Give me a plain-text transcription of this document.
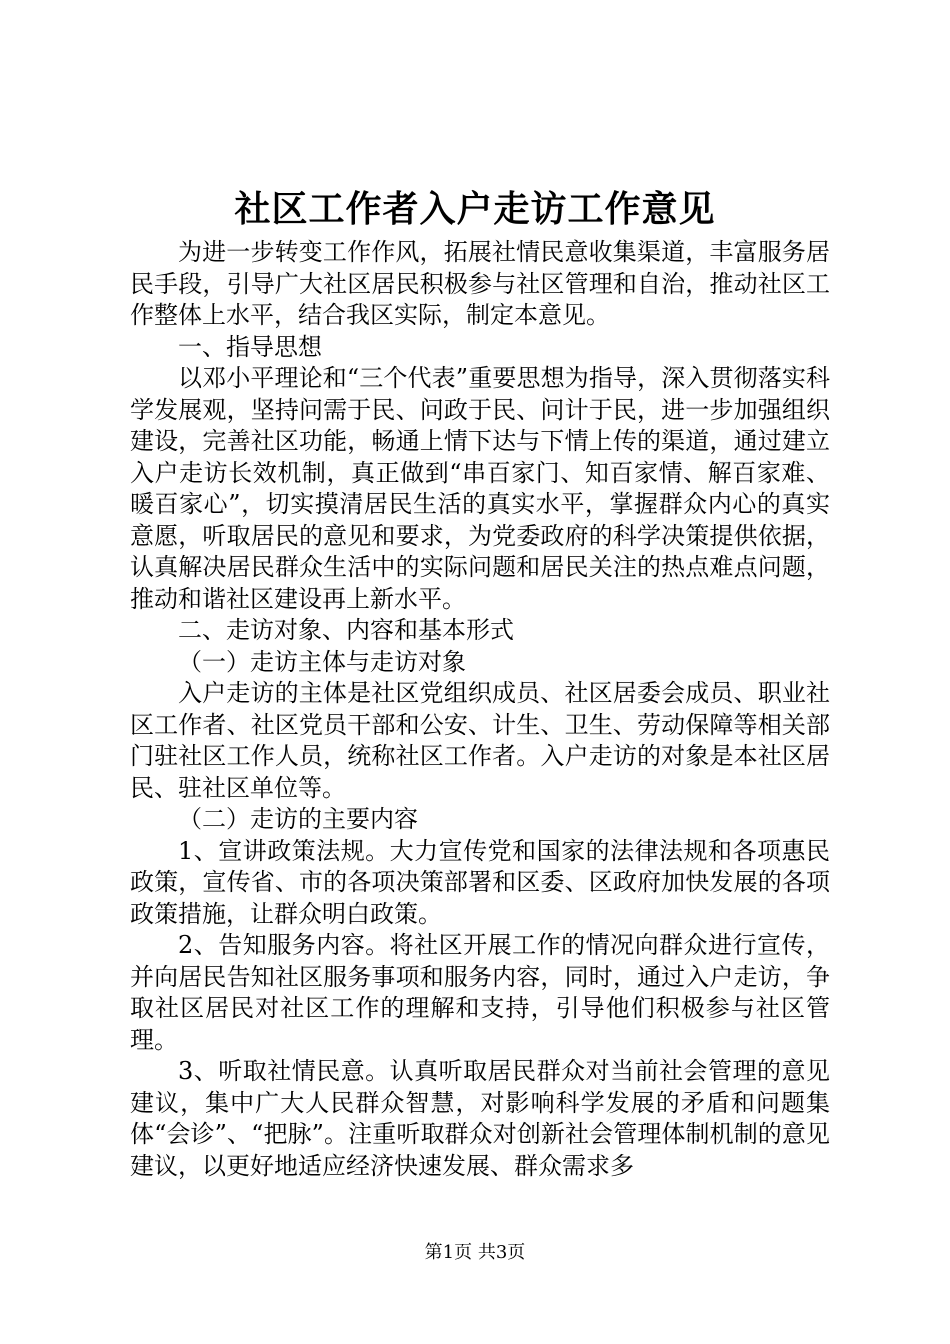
社区工作者入户走访工作意见

为进一步转变工作作风，拓展社情民意收集渠道，丰富服务居民手段，引导广大社区居民积极参与社区管理和自治，推动社区工作整体上水平，结合我区实际，制定本意见。

一、指导思想

以邓小平理论和“三个代表”重要思想为指导，深入贯彻落实科学发展观，坚持问需于民、问政于民、问计于民，进一步加强组织建设，完善社区功能，畅通上情下达与下情上传的渠道，通过建立入户走访长效机制，真正做到“串百家门、知百家情、解百家难、暖百家心”，切实摸清居民生活的真实水平，掌握群众内心的真实意愿，听取居民的意见和要求，为党委政府的科学决策提供依据，认真解决居民群众生活中的实际问题和居民关注的热点难点问题，推动和谐社区建设再上新水平。

二、走访对象、内容和基本形式

（一）走访主体与走访对象

入户走访的主体是社区党组织成员、社区居委会成员、职业社区工作者、社区党员干部和公安、计生、卫生、劳动保障等相关部门驻社区工作人员，统称社区工作者。入户走访的对象是本社区居民、驻社区单位等。

（二）走访的主要内容

1、宣讲政策法规。大力宣传党和国家的法律法规和各项惠民政策，宣传省、市的各项决策部署和区委、区政府加快发展的各项政策措施，让群众明白政策。

2、告知服务内容。将社区开展工作的情况向群众进行宣传，并向居民告知社区服务事项和服务内容，同时，通过入户走访，争取社区居民对社区工作的理解和支持，引导他们积极参与社区管理。

3、听取社情民意。认真听取居民群众对当前社会管理的意见建议，集中广大人民群众智慧，对影响科学发展的矛盾和问题集体“会诊”、“把脉”。注重听取群众对创新社会管理体制机制的意见建议，以更好地适应经济快速发展、群众需求多

第1页 共3页
